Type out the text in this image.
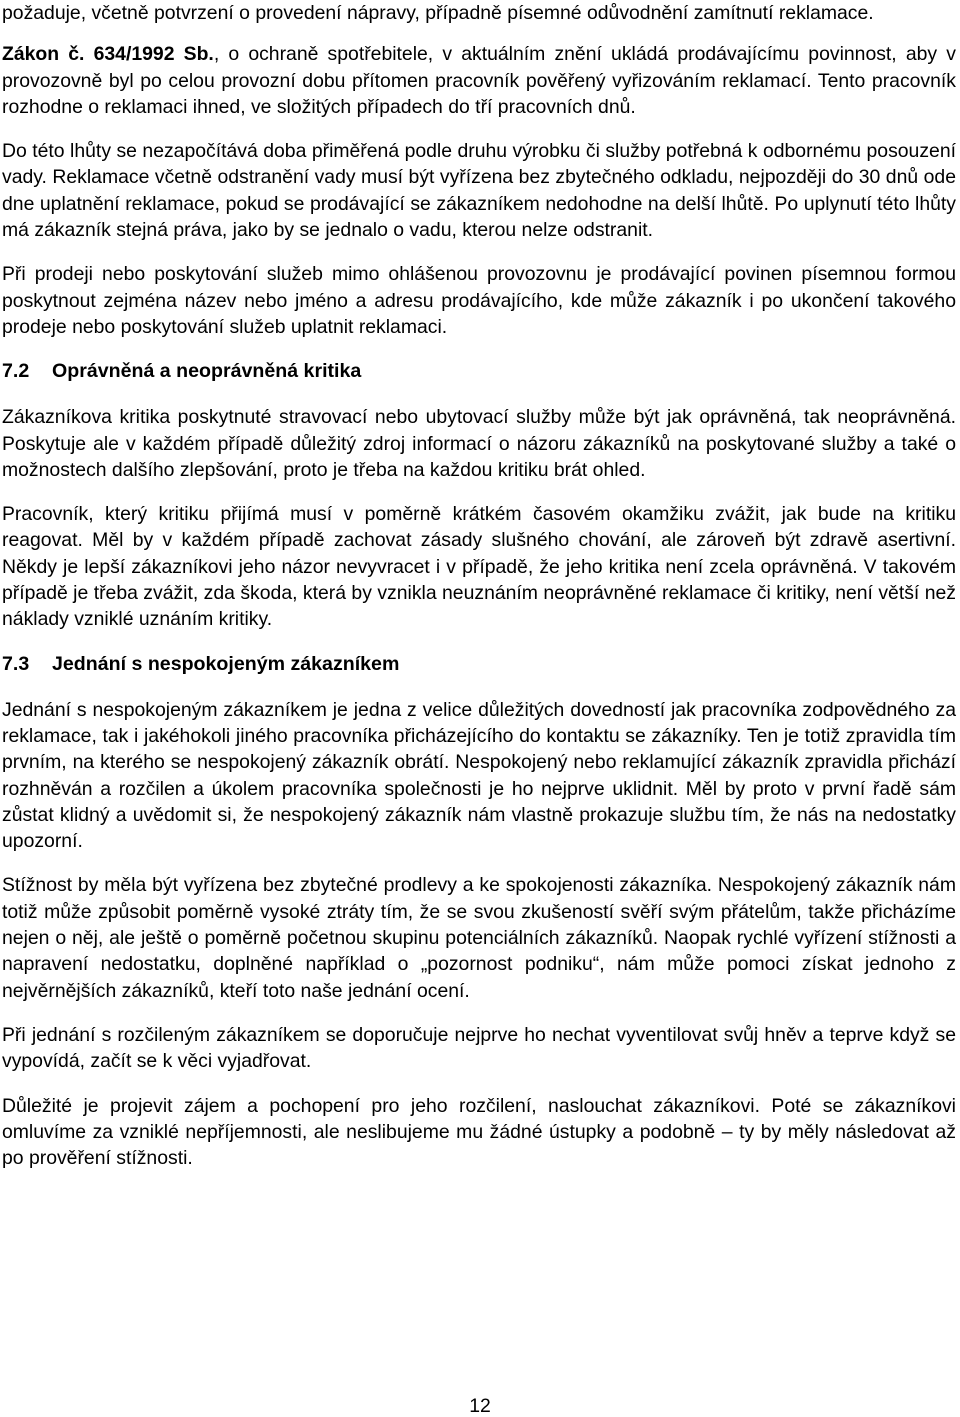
požaduje, včetně potvrzení o provedení nápravy, případně písemné odůvodnění zamítnutí reklamace.

Zákon č. 634/1992 Sb., o ochraně spotřebitele, v aktuálním znění ukládá prodávajícímu povinnost, aby v provozovně byl po celou provozní dobu přítomen pracovník pověřený vyřizováním reklamací. Tento pracovník rozhodne o reklamaci ihned, ve složitých případech do tří pracovních dnů.

Do této lhůty se nezapočítává doba přiměřená podle druhu výrobku či služby potřebná k odbornému posouzení vady. Reklamace včetně odstranění vady musí být vyřízena bez zbytečného odkladu, nejpozději do 30 dnů ode dne uplatnění reklamace, pokud se prodávající se zákazníkem nedohodne na delší lhůtě. Po uplynutí této lhůty má zákazník stejná práva, jako by se jednalo o vadu, kterou nelze odstranit.

Při prodeji nebo poskytování služeb mimo ohlášenou provozovnu je prodávající povinen písemnou formou poskytnout zejména název nebo jméno a adresu prodávajícího, kde může zákazník i po ukončení takového prodeje nebo poskytování služeb uplatnit reklamaci.

7.2 Oprávněná a neoprávněná kritika

Zákazníkova kritika poskytnuté stravovací nebo ubytovací služby může být jak oprávněná, tak neoprávněná. Poskytuje ale v každém případě důležitý zdroj informací o názoru zákazníků na poskytované služby a také o možnostech dalšího zlepšování, proto je třeba na každou kritiku brát ohled.

Pracovník, který kritiku přijímá musí v poměrně krátkém časovém okamžiku zvážit, jak bude na kritiku reagovat. Měl by v každém případě zachovat zásady slušného chování, ale zároveň být zdravě asertivní. Někdy je lepší zákazníkovi jeho názor nevyvracet i v případě, že jeho kritika není zcela oprávněná. V takovém případě je třeba zvážit, zda škoda, která by vznikla neuznáním neoprávněné reklamace či kritiky, není větší než náklady vzniklé uznáním kritiky.

7.3 Jednání s nespokojeným zákazníkem

Jednání s nespokojeným zákazníkem je jedna z velice důležitých dovedností jak pracovníka zodpovědného za reklamace, tak i jakéhokoli jiného pracovníka přicházejícího do kontaktu se zákazníky. Ten je totiž zpravidla tím prvním, na kterého se nespokojený zákazník obrátí. Nespokojený nebo reklamující zákazník zpravidla přichází rozhněván a rozčilen a úkolem pracovníka společnosti je ho nejprve uklidnit. Měl by proto v první řadě sám zůstat klidný a uvědomit si, že nespokojený zákazník nám vlastně prokazuje službu tím, že nás na nedostatky upozorní.

Stížnost by měla být vyřízena bez zbytečné prodlevy a ke spokojenosti zákazníka. Nespokojený zákazník nám totiž může způsobit poměrně vysoké ztráty tím, že se svou zkušeností svěří svým přátelům, takže přicházíme nejen o něj, ale ještě o poměrně početnou skupinu potenciálních zákazníků. Naopak rychlé vyřízení stížnosti a napravení nedostatku, doplněné například o „pozornost podniku“, nám může pomoci získat jednoho z nejvěrnějších zákazníků, kteří toto naše jednání ocení.

Při jednání s rozčileným zákazníkem se doporučuje nejprve ho nechat vyventilovat svůj hněv a teprve když se vypovídá, začít se k věci vyjadřovat.

Důležité je projevit zájem a pochopení pro jeho rozčilení, naslouchat zákazníkovi. Poté se zákazníkovi omluvíme za vzniklé nepříjemnosti, ale neslibujeme mu žádné ústupky a podobně – ty by měly následovat až po prověření stížnosti.

12
